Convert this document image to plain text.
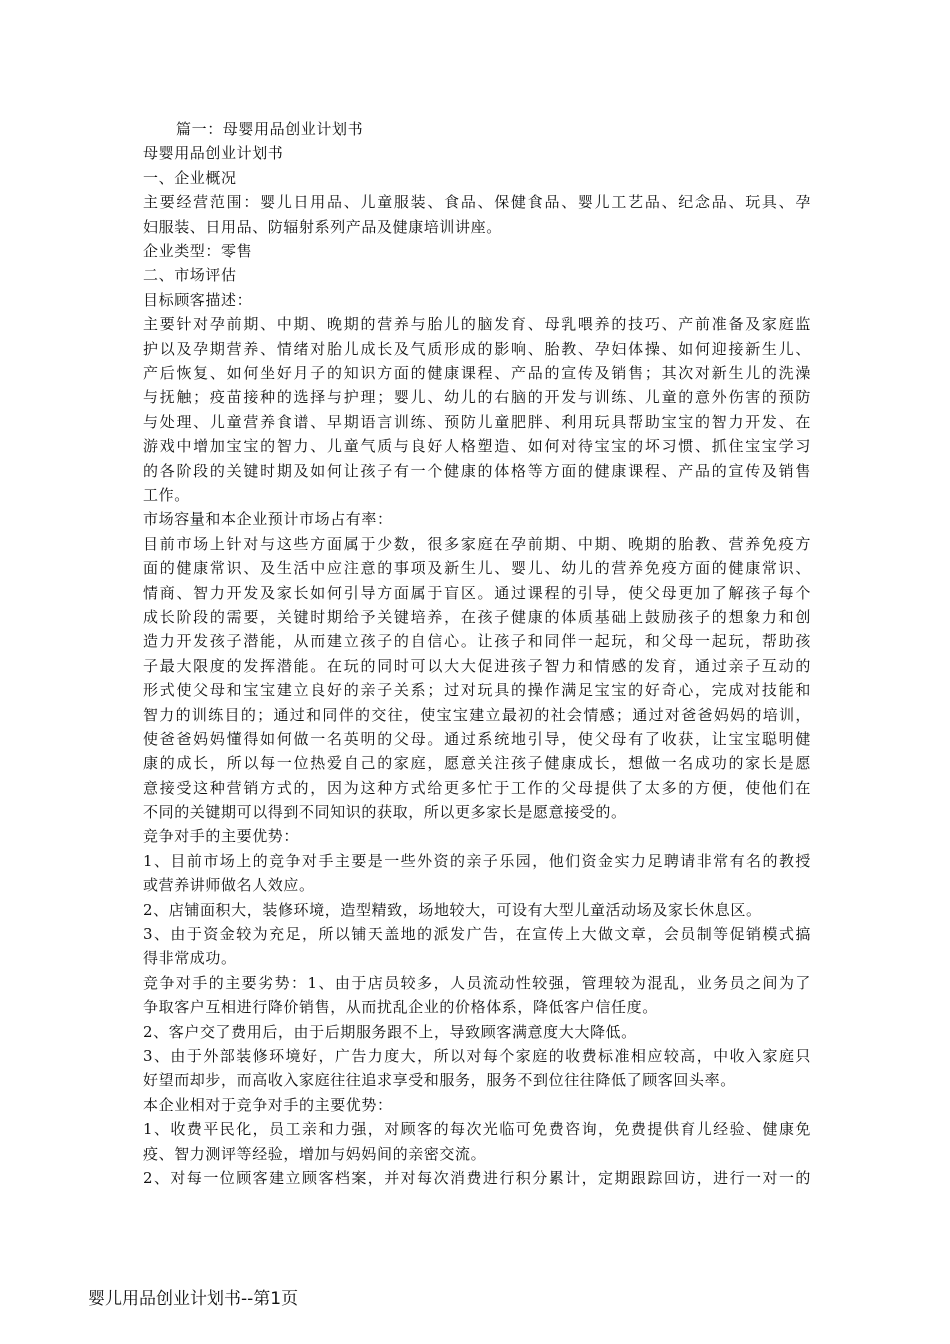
篇一：母婴用品创业计划书
母婴用品创业计划书
一、企业概况
主要经营范围：婴儿日用品、儿童服装、食品、保健食品、婴儿工艺品、纪念品、玩具、孕
妇服装、日用品、防辐射系列产品及健康培训讲座。
企业类型：零售
二、市场评估
目标顾客描述：
主要针对孕前期、中期、晚期的营养与胎儿的脑发育、母乳喂养的技巧、产前准备及家庭监
护以及孕期营养、情绪对胎儿成长及气质形成的影响、胎教、孕妇体操、如何迎接新生儿、
产后恢复、如何坐好月子的知识方面的健康课程、产品的宣传及销售；其次对新生儿的洗澡
与抚触；疫苗接种的选择与护理；婴儿、幼儿的右脑的开发与训练、儿童的意外伤害的预防
与处理、儿童营养食谱、早期语言训练、预防儿童肥胖、利用玩具帮助宝宝的智力开发、在
游戏中增加宝宝的智力、儿童气质与良好人格塑造、如何对待宝宝的坏习惯、抓住宝宝学习
的各阶段的关键时期及如何让孩子有一个健康的体格等方面的健康课程、产品的宣传及销售
工作。
市场容量和本企业预计市场占有率：
目前市场上针对与这些方面属于少数，很多家庭在孕前期、中期、晚期的胎教、营养免疫方
面的健康常识、及生活中应注意的事项及新生儿、婴儿、幼儿的营养免疫方面的健康常识、
情商、智力开发及家长如何引导方面属于盲区。通过课程的引导，使父母更加了解孩子每个
成长阶段的需要，关键时期给予关键培养，在孩子健康的体质基础上鼓励孩子的想象力和创
造力开发孩子潜能，从而建立孩子的自信心。让孩子和同伴一起玩，和父母一起玩，帮助孩
子最大限度的发挥潜能。在玩的同时可以大大促进孩子智力和情感的发育，通过亲子互动的
形式使父母和宝宝建立良好的亲子关系；过对玩具的操作满足宝宝的好奇心，完成对技能和
智力的训练目的；通过和同伴的交往，使宝宝建立最初的社会情感；通过对爸爸妈妈的培训，
使爸爸妈妈懂得如何做一名英明的父母。通过系统地引导，使父母有了收获，让宝宝聪明健
康的成长，所以每一位热爱自己的家庭，愿意关注孩子健康成长，想做一名成功的家长是愿
意接受这种营销方式的，因为这种方式给更多忙于工作的父母提供了太多的方便，使他们在
不同的关键期可以得到不同知识的获取，所以更多家长是愿意接受的。
竞争对手的主要优势：
1、目前市场上的竞争对手主要是一些外资的亲子乐园，他们资金实力足聘请非常有名的教授
或营养讲师做名人效应。
2、店铺面积大，装修环境，造型精致，场地较大，可设有大型儿童活动场及家长休息区。
3、由于资金较为充足，所以铺天盖地的派发广告，在宣传上大做文章，会员制等促销模式搞
得非常成功。
竞争对手的主要劣势：1、由于店员较多，人员流动性较强，管理较为混乱，业务员之间为了
争取客户互相进行降价销售，从而扰乱企业的价格体系，降低客户信任度。
2、客户交了费用后，由于后期服务跟不上，导致顾客满意度大大降低。
3、由于外部装修环境好，广告力度大，所以对每个家庭的收费标准相应较高，中收入家庭只
好望而却步，而高收入家庭往往追求享受和服务，服务不到位往往降低了顾客回头率。
本企业相对于竞争对手的主要优势：
1、收费平民化，员工亲和力强，对顾客的每次光临可免费咨询，免费提供育儿经验、健康免
疫、智力测评等经验，增加与妈妈间的亲密交流。
2、对每一位顾客建立顾客档案，并对每次消费进行积分累计，定期跟踪回访，进行一对一的
婴儿用品创业计划书--第1页
